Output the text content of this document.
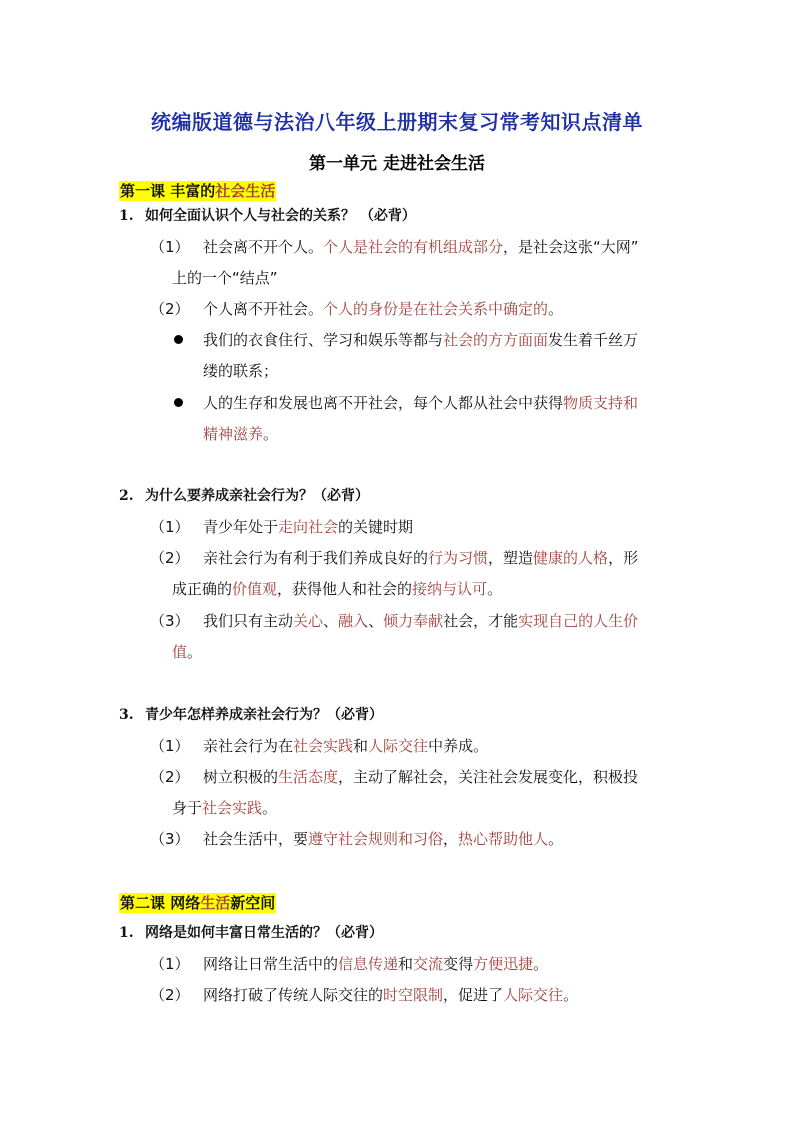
统编版道德与法治八年级上册期末复习常考知识点清单
第一单元 走进社会生活
第一课 丰富的社会生活
1. 如何全面认识个人与社会的关系？ （必背）
（1） 社会离不开个人。个人是社会的有机组成部分，是社会这张“大网”
上的一个“结点”
（2） 个人离不开社会。个人的身份是在社会关系中确定的。
我们的衣食住行、学习和娱乐等都与社会的方方面面发生着千丝万
缕的联系；
人的生存和发展也离不开社会，每个人都从社会中获得物质支持和
精神滋养。
2. 为什么要养成亲社会行为？（必背）
（1） 青少年处于走向社会的关键时期
（2） 亲社会行为有利于我们养成良好的行为习惯，塑造健康的人格，形
成正确的价值观，获得他人和社会的接纳与认可。
（3） 我们只有主动关心、融入、倾力奉献社会，才能实现自己的人生价
值。
3. 青少年怎样养成亲社会行为？（必背）
（1） 亲社会行为在社会实践和人际交往中养成。
（2） 树立积极的生活态度，主动了解社会，关注社会发展变化，积极投
身于社会实践。
（3） 社会生活中，要遵守社会规则和习俗，热心帮助他人。
第二课 网络生活新空间
1. 网络是如何丰富日常生活的？（必背）
（1） 网络让日常生活中的信息传递和交流变得方便迅捷。
（2） 网络打破了传统人际交往的时空限制，促进了人际交往。
